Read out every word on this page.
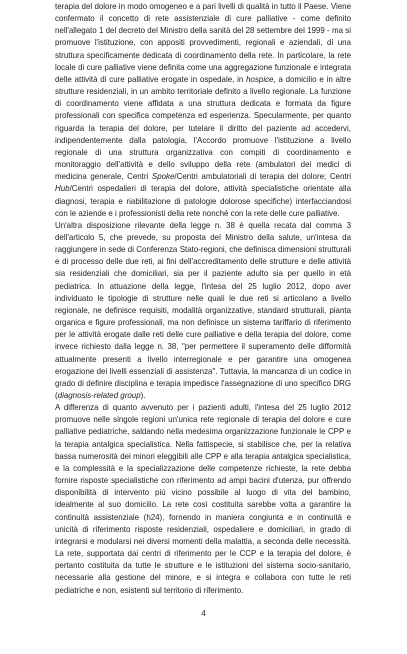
terapia del dolore in modo omogeneo e a pari livelli di qualità in tutto il Paese. Viene confermato il concetto di rete assistenziale di cure palliative - come definito nell'allegato 1 del decreto del Ministro della sanità del 28 settembre del 1999 - ma si promuove l'istituzione, con appositi provvedimenti, regionali e aziendali, di una struttura specificamente dedicata di coordinamento della rete. In particolare, la rete locale di cure palliative viene definita come una aggregazione funzionale e integrata delle attività di cure palliative erogate in ospedale, in hospice, a domicilio e in altre strutture residenziali, in un ambito territoriale definito a livello regionale. La funzione di coordinamento viene affidata a una struttura dedicata e formata da figure professionali con specifica competenza ed esperienza. Specularmente, per quanto riguarda la terapia del dolore, per tutelare il diritto del paziente ad accedervi, indipendentemente dalla patologia, l'Accordo promuove l'istituzione a livello regionale di una struttura organizzativa con compiti di coordinamento e monitoraggio dell'attività e dello sviluppo della rete (ambulatori dei medici di medicina generale, Centri Spoke/Centri ambulatoriali di terapia del dolore; Centri Hub/Centri ospedalieri di terapia del dolore, attività specialistiche orientate alla diagnosi, terapia e riabilitazione di patologie dolorose specifiche) interfacciandosi con le aziende e i professionisti della rete nonché con la rete delle cure palliative.

Un'altra disposizione rilevante della legge n. 38 è quella recata dal comma 3 dell'articolo 5, che prevede, su proposta del Ministro della salute, un'intesa da raggiungere in sede di Conferenza Stato-regioni, che definisca dimensioni strutturali e di processo delle due reti, ai fini dell'accreditamento delle strutture e delle attività sia residenziali che domiciliari, sia per il paziente adulto sia per quello in età pediatrica. In attuazione della legge, l'intesa del 25 luglio 2012, dopo aver individuato le tipologie di strutture nelle quali le due reti si articolano a livello regionale, ne definisce requisiti, modalità organizzative, standard strutturali, pianta organica e figure professionali, ma non definisce un sistema tariffario di riferimento per le attività erogate dalle reti delle cure palliative e della terapia del dolore, come invece richiesto dalla legge n. 38, "per permettere il superamento delle difformità attualmente presenti a livello interregionale e per garantire una omogenea erogazione dei livelli essenziali di assistenza". Tuttavia, la mancanza di un codice in grado di definire disciplina e terapia impedisce l'assegnazione di uno specifico DRG (diagnosis-related group).

A differenza di quanto avvenuto per i pazienti adulti, l'intesa del 25 luglio 2012 promuove nelle singole regioni un'unica rete regionale di terapia del dolore e cure palliative pediatriche, saldando nella medesima organizzazione funzionale le CPP e la terapia antalgica specialistica. Nella fattispecie, si stabilisce che, per la relativa bassa numerosità dei minori eleggibili alle CPP e alla terapia antalgica specialistica, e la complessità e la specializzazione delle competenze richieste, la rete debba fornire risposte specialistiche con riferimento ad ampi bacini d'utenza, pur offrendo disponibilità di intervento più vicino possibile al luogo di vita del bambino, idealmente al suo domicilio. La rete così costituita sarebbe volta a garantire la continuità assistenziale (h24), fornendo in maniera congiunta e in continuità e unicità di riferimento risposte residenziali, ospedaliere e domiciliari, in grado di integrarsi e modularsi nei diversi momenti della malattia, a seconda delle necessità. La rete, supportata dai centri di riferimento per le CCP e la terapia del dolore, è pertanto costituita da tutte le strutture e le istituzioni del sistema socio-sanitario, necessarie alla gestione del minore, e si integra e collabora con tutte le reti pediatriche e non, esistenti sul territorio di riferimento.

4
